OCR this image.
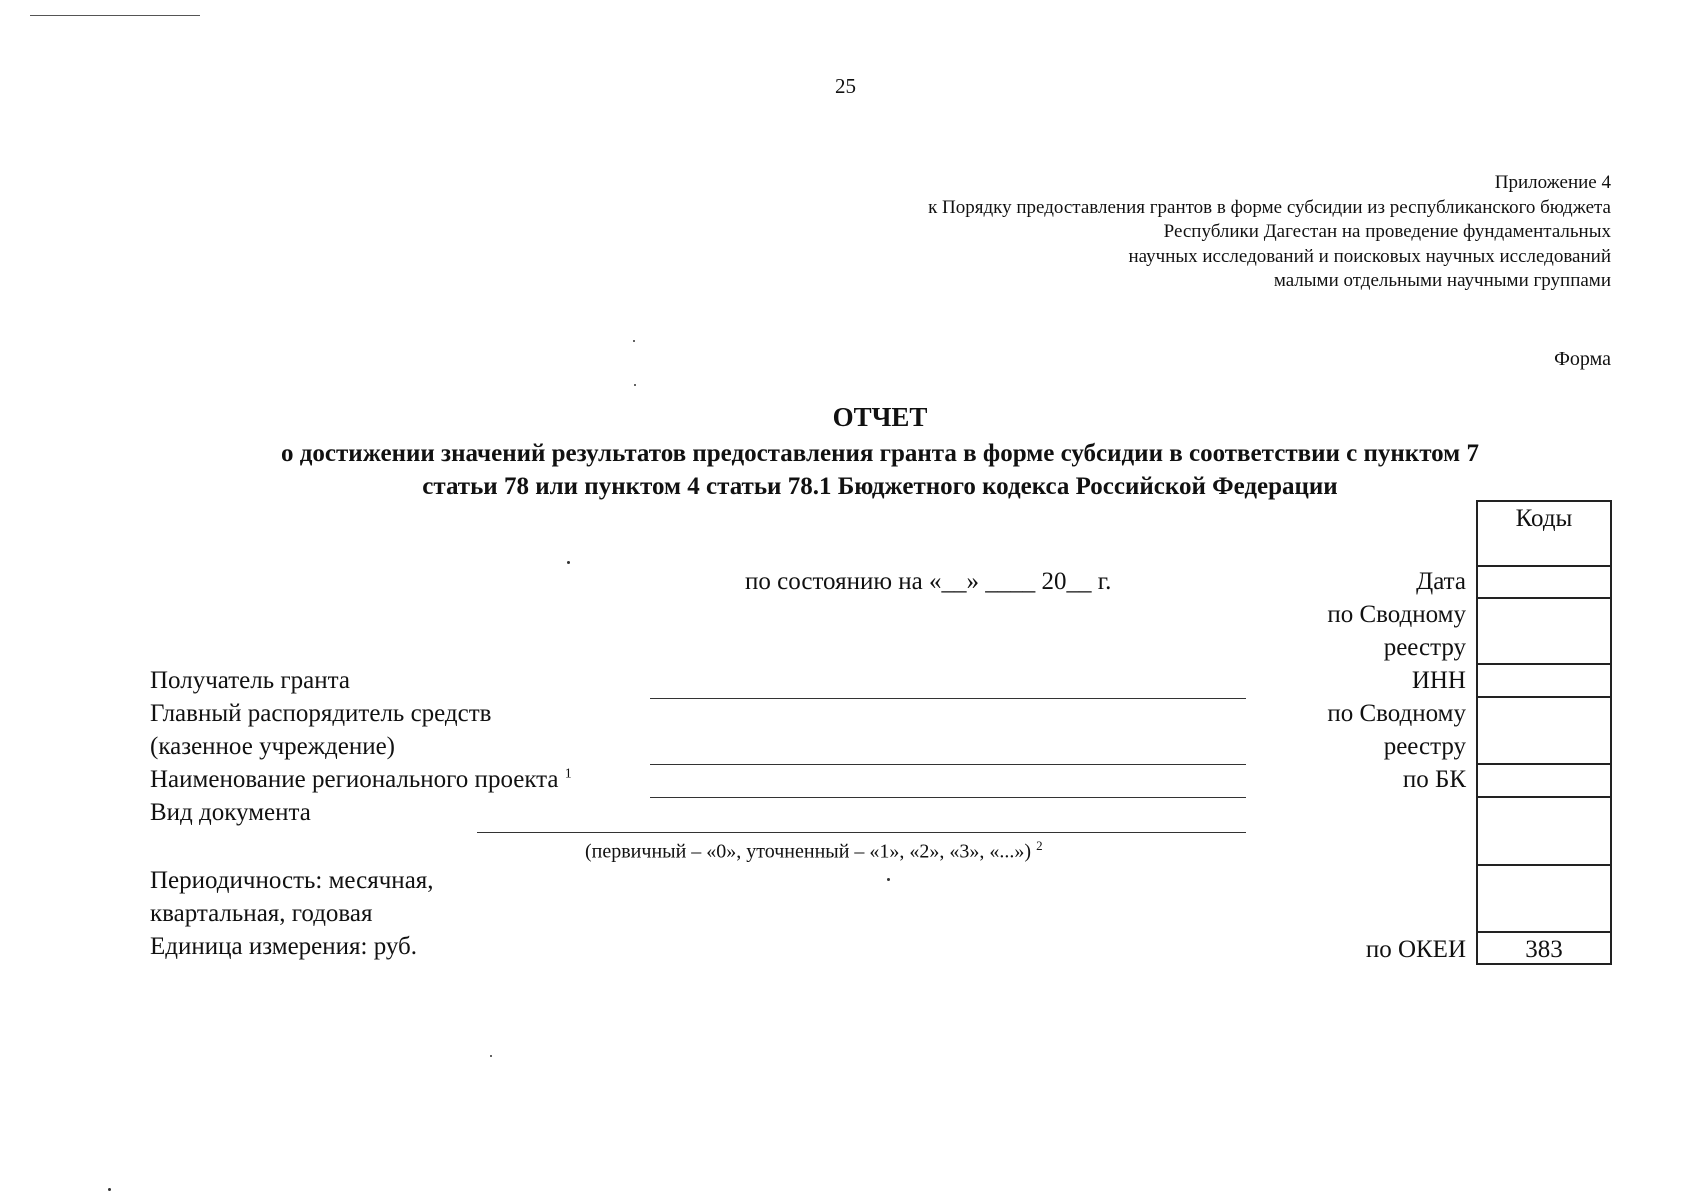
25
Приложение 4
к Порядку предоставления грантов в форме субсидии из республиканского бюджета
Республики Дагестан на проведение фундаментальных
научных исследований и поисковых научных исследований
малыми отдельными научными группами
Форма
ОТЧЕТ
о достижении значений результатов предоставления гранта в форме субсидии в соответствии с пунктом 7
статьи 78 или пунктом 4 статьи 78.1 Бюджетного кодекса Российской Федерации
по состоянию на «__» ____ 20__ г.
Получатель гранта
Главный распорядитель средств
(казенное учреждение)
Наименование регионального проекта $^1$
Вид документа
(первичный – «0», уточненный – «1», «2», «3», «...») $^2$
Периодичность: месячная,
квартальная, годовая
Единица измерения: руб.
Дата
по Сводному
реестру
ИНН
по Сводному
реестру
по БК
по ОКЕИ
Коды
383
